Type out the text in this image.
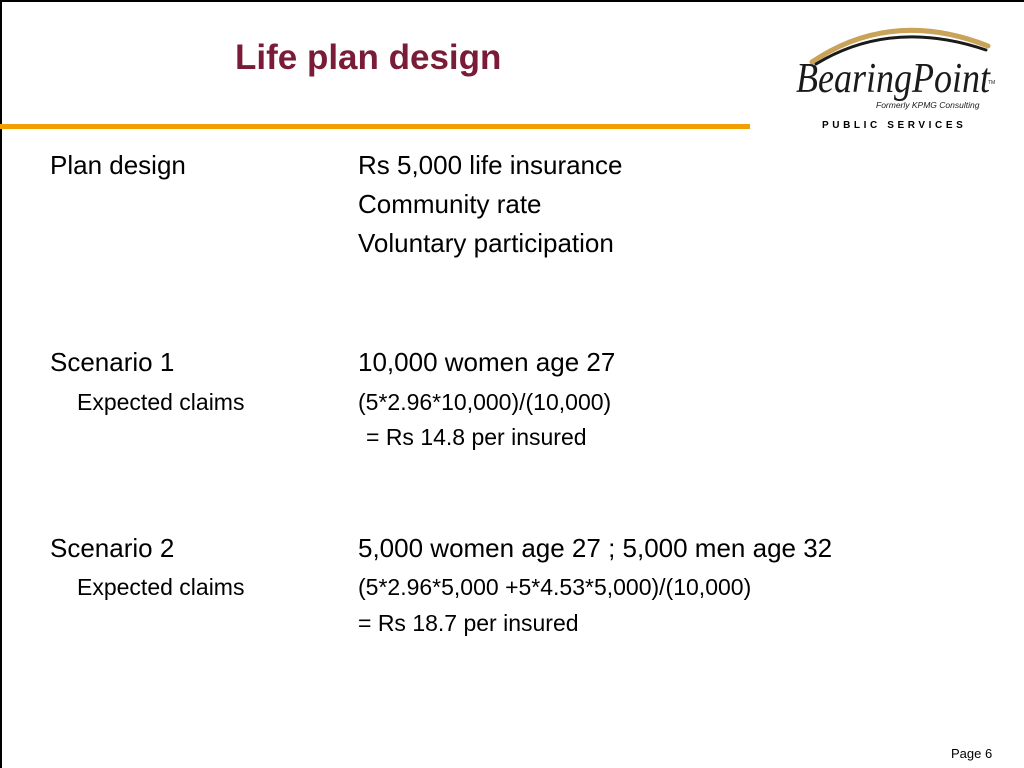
Life plan design	BearingPoint
TM
Formerly KPMG Consulting
PUBLIC SERVICES
Plan design	Rs 5,000 life insurance
Community rate
Voluntary participation
Scenario 1	10,000 women age 27
Expected claims	(5*2.96*10,000)/(10,000)
= Rs 14.8 per insured
Scenario 2	5,000 women age 27 ; 5,000 men age 32
Expected claims	(5*2.96*5,000 +5*4.53*5,000)/(10,000)
= Rs 18.7 per insured
Page 6
